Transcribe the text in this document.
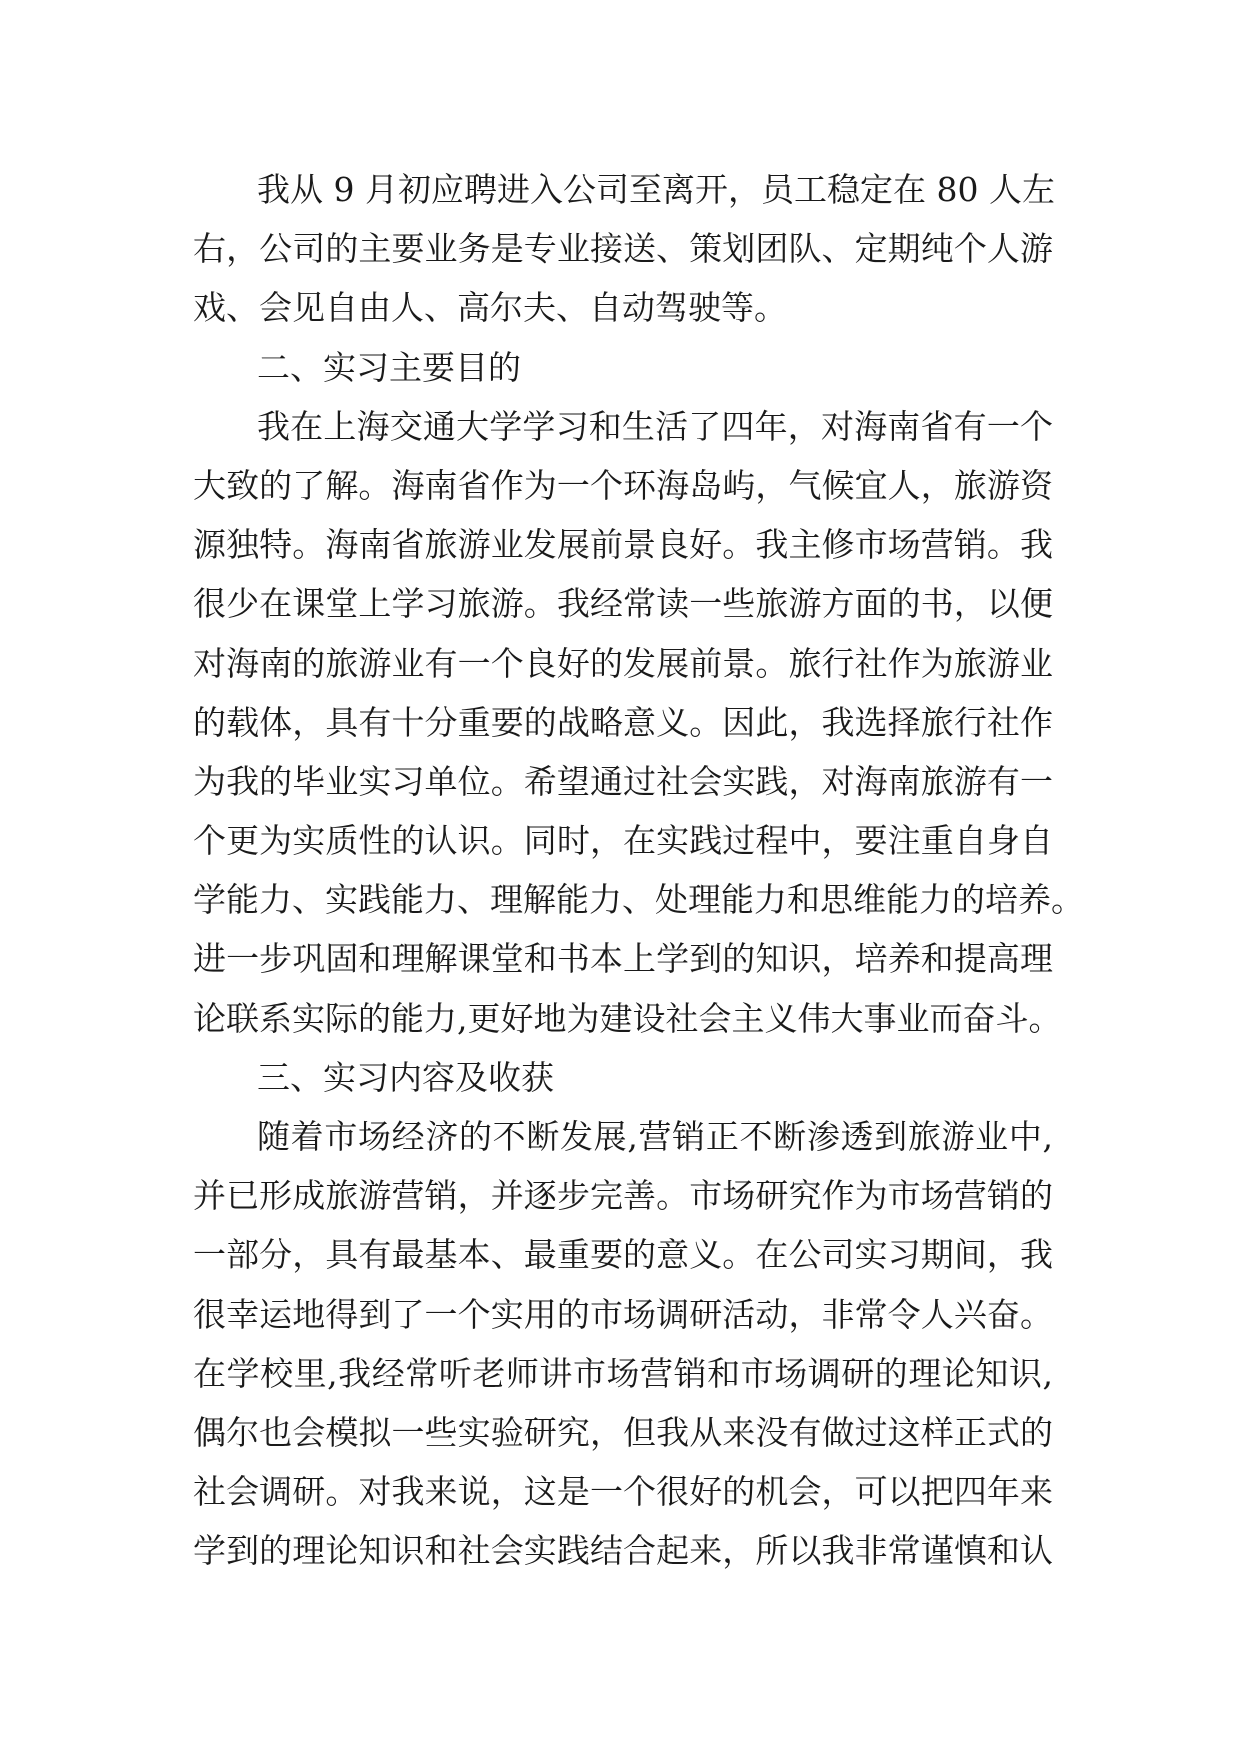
我从 9 月初应聘进入公司至离开，员工稳定在 80 人左
右，公司的主要业务是专业接送、策划团队、定期纯个人游
戏、会见自由人、高尔夫、自动驾驶等。
二、实习主要目的
我在上海交通大学学习和生活了四年，对海南省有一个
大致的了解。海南省作为一个环海岛屿，气候宜人，旅游资
源独特。海南省旅游业发展前景良好。我主修市场营销。我
很少在课堂上学习旅游。我经常读一些旅游方面的书，以便
对海南的旅游业有一个良好的发展前景。旅行社作为旅游业
的载体，具有十分重要的战略意义。因此，我选择旅行社作
为我的毕业实习单位。希望通过社会实践，对海南旅游有一
个更为实质性的认识。同时，在实践过程中，要注重自身自
学能力、实践能力、理解能力、处理能力和思维能力的培养。
进一步巩固和理解课堂和书本上学到的知识，培养和提高理
论联系实际的能力,更好地为建设社会主义伟大事业而奋斗。
三、实习内容及收获
随着市场经济的不断发展,营销正不断渗透到旅游业中,
并已形成旅游营销，并逐步完善。市场研究作为市场营销的
一部分，具有最基本、最重要的意义。在公司实习期间，我
很幸运地得到了一个实用的市场调研活动，非常令人兴奋。
在学校里,我经常听老师讲市场营销和市场调研的理论知识,
偶尔也会模拟一些实验研究，但我从来没有做过这样正式的
社会调研。对我来说，这是一个很好的机会，可以把四年来
学到的理论知识和社会实践结合起来，所以我非常谨慎和认
